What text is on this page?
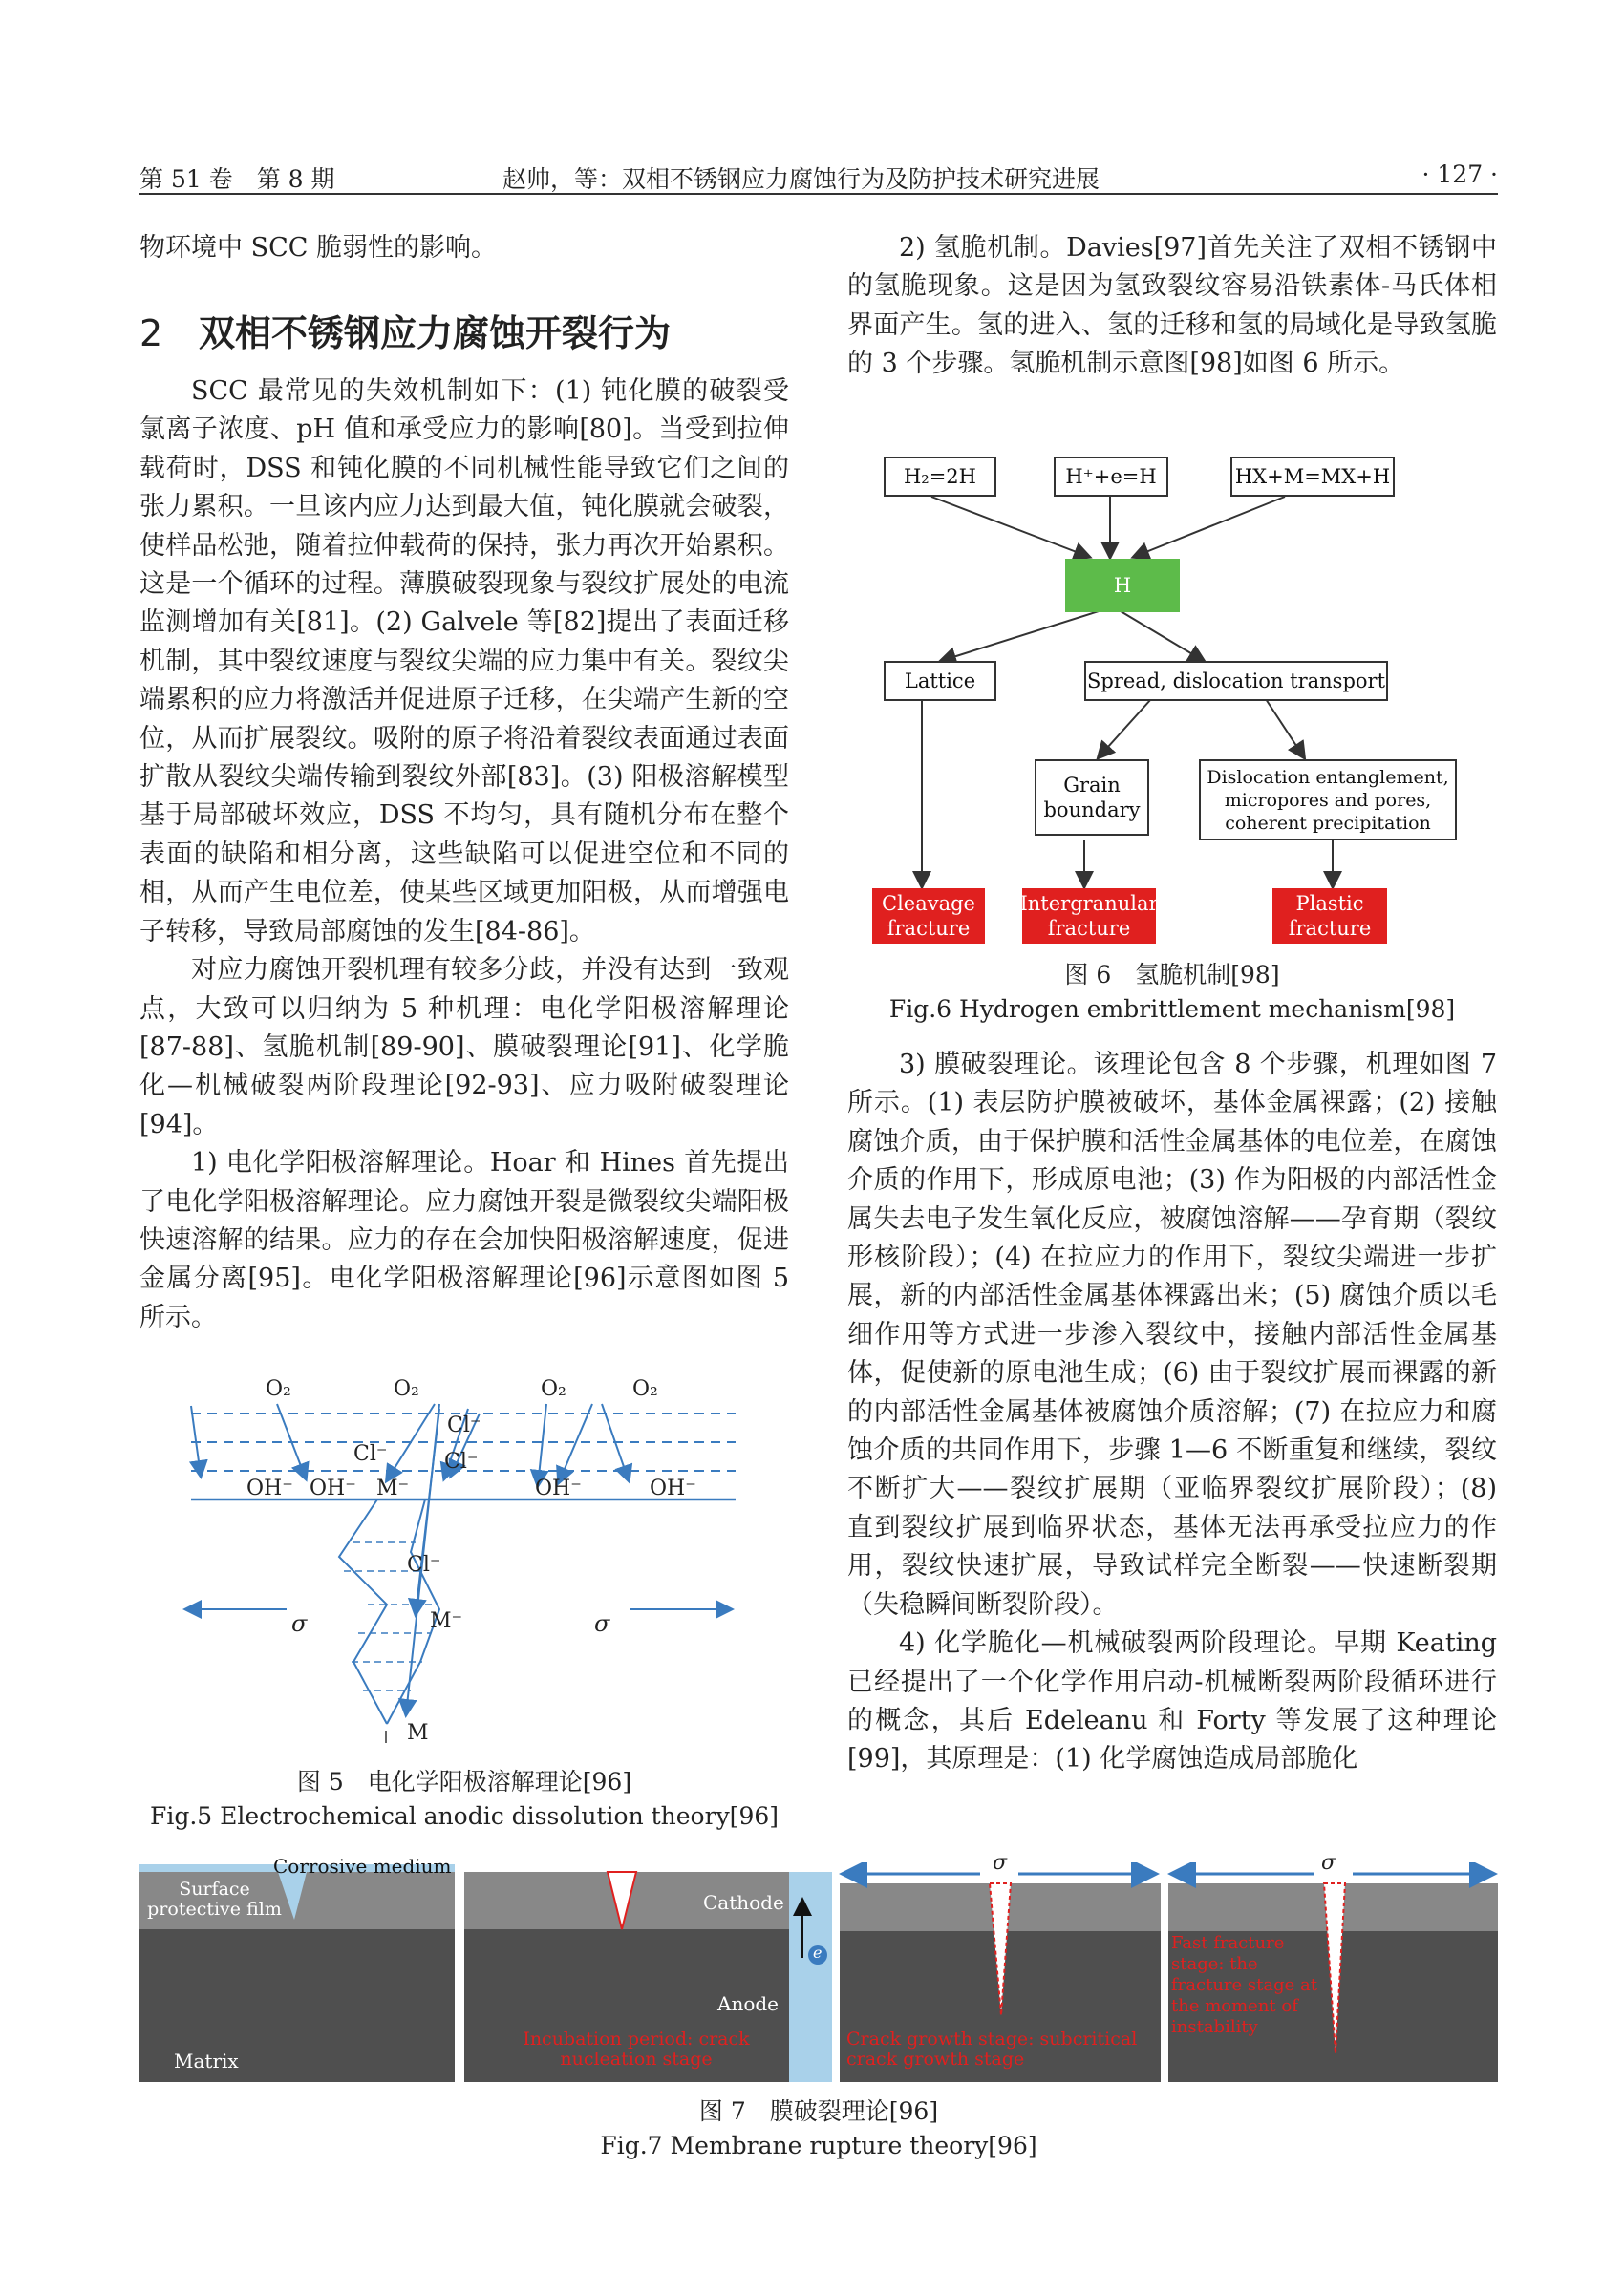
第 51 卷　第 8 期	赵帅，等：双相不锈钢应力腐蚀行为及防护技术研究进展	· 127 ·

物环境中 SCC 脆弱性的影响。

2 双相不锈钢应力腐蚀开裂行为

SCC 最常见的失效机制如下：(1) 钝化膜的破裂受氯离子浓度、pH 值和承受应力的影响[80]。当受到拉伸载荷时，DSS 和钝化膜的不同机械性能导致它们之间的张力累积。一旦该内应力达到最大值，钝化膜就会破裂，使样品松弛，随着拉伸载荷的保持，张力再次开始累积。这是一个循环的过程。薄膜破裂现象与裂纹扩展处的电流监测增加有关[81]。(2) Galvele 等[82]提出了表面迁移机制，其中裂纹速度与裂纹尖端的应力集中有关。裂纹尖端累积的应力将激活并促进原子迁移，在尖端产生新的空位，从而扩展裂纹。吸附的原子将沿着裂纹表面通过表面扩散从裂纹尖端传输到裂纹外部[83]。(3) 阳极溶解模型基于局部破坏效应，DSS 不均匀，具有随机分布在整个表面的缺陷和相分离，这些缺陷可以促进空位和不同的相，从而产生电位差，使某些区域更加阳极，从而增强电子转移，导致局部腐蚀的发生[84-86]。

对应力腐蚀开裂机理有较多分歧，并没有达到一致观点，大致可以归纳为 5 种机理：电化学阳极溶解理论[87-88]、氢脆机制[89-90]、膜破裂理论[91]、化学脆化—机械破裂两阶段理论[92-93]、应力吸附破裂理论[94]。

1) 电化学阳极溶解理论。Hoar 和 Hines 首先提出了电化学阳极溶解理论。应力腐蚀开裂是微裂纹尖端阳极快速溶解的结果。应力的存在会加快阳极溶解速度，促进金属分离[95]。电化学阳极溶解理论[96]示意图如图 5 所示。

2) 氢脆机制。Davies[97]首先关注了双相不锈钢中的氢脆现象。这是因为氢致裂纹容易沿铁素体-马氏体相界面产生。氢的进入、氢的迁移和氢的局域化是导致氢脆的 3 个步骤。氢脆机制示意图[98]如图 6 所示。

3) 膜破裂理论。该理论包含 8 个步骤，机理如图 7 所示。(1) 表层防护膜被破坏，基体金属裸露；(2) 接触腐蚀介质，由于保护膜和活性金属基体的电位差，在腐蚀介质的作用下，形成原电池；(3) 作为阳极的内部活性金属失去电子发生氧化反应，被腐蚀溶解——孕育期（裂纹形核阶段）；(4) 在拉应力的作用下，裂纹尖端进一步扩展，新的内部活性金属基体裸露出来；(5) 腐蚀介质以毛细作用等方式进一步渗入裂纹中，接触内部活性金属基体，促使新的原电池生成；(6) 由于裂纹扩展而裸露的新的内部活性金属基体被腐蚀介质溶解；(7) 在拉应力和腐蚀介质的共同作用下，步骤 1—6 不断重复和继续，裂纹不断扩大——裂纹扩展期（亚临界裂纹扩展阶段）；(8) 直到裂纹扩展到临界状态，基体无法再承受拉应力的作用，裂纹快速扩展，导致试样完全断裂——快速断裂期（失稳瞬间断裂阶段）。

4) 化学脆化—机械破裂两阶段理论。早期 Keating 已经提出了一个化学作用启动-机械断裂两阶段循环进行的概念，其后 Edeleanu 和 Forty 等发展了这种理论[99]，其原理是：(1) 化学腐蚀造成局部脆化

H₂=2H	H⁺+e=H	HX+M=MX+H
H
Lattice	Spread, dislocation transport
Grain boundary
Dislocation entanglement, micropores and pores, coherent precipitation
Cleavage fracture
Intergranular fracture
Plastic fracture
图 6　氢脆机制[98]
Fig.6 Hydrogen embrittlement mechanism[98]
O₂	O₂	O₂	O₂
Cl⁻
Cl⁻	Cl⁻
OH⁻ OH⁻ M⁻	OH⁻	OH⁻
Cl⁻
M⁻
σ	σ
M
图 5　电化学阳极溶解理论[96]
Fig.5 Electrochemical anodic dissolution theory[96]
Corrosive medium
Surface protective film
Matrix
Cathode
Anode
e
Incubation period: crack nucleation stage
Crack growth stage: subcritical crack growth stage
Fast fracture stage: the fracture stage at the moment of instability
σ	σ
图 7　膜破裂理论[96]
Fig.7 Membrane rupture theory[96]
